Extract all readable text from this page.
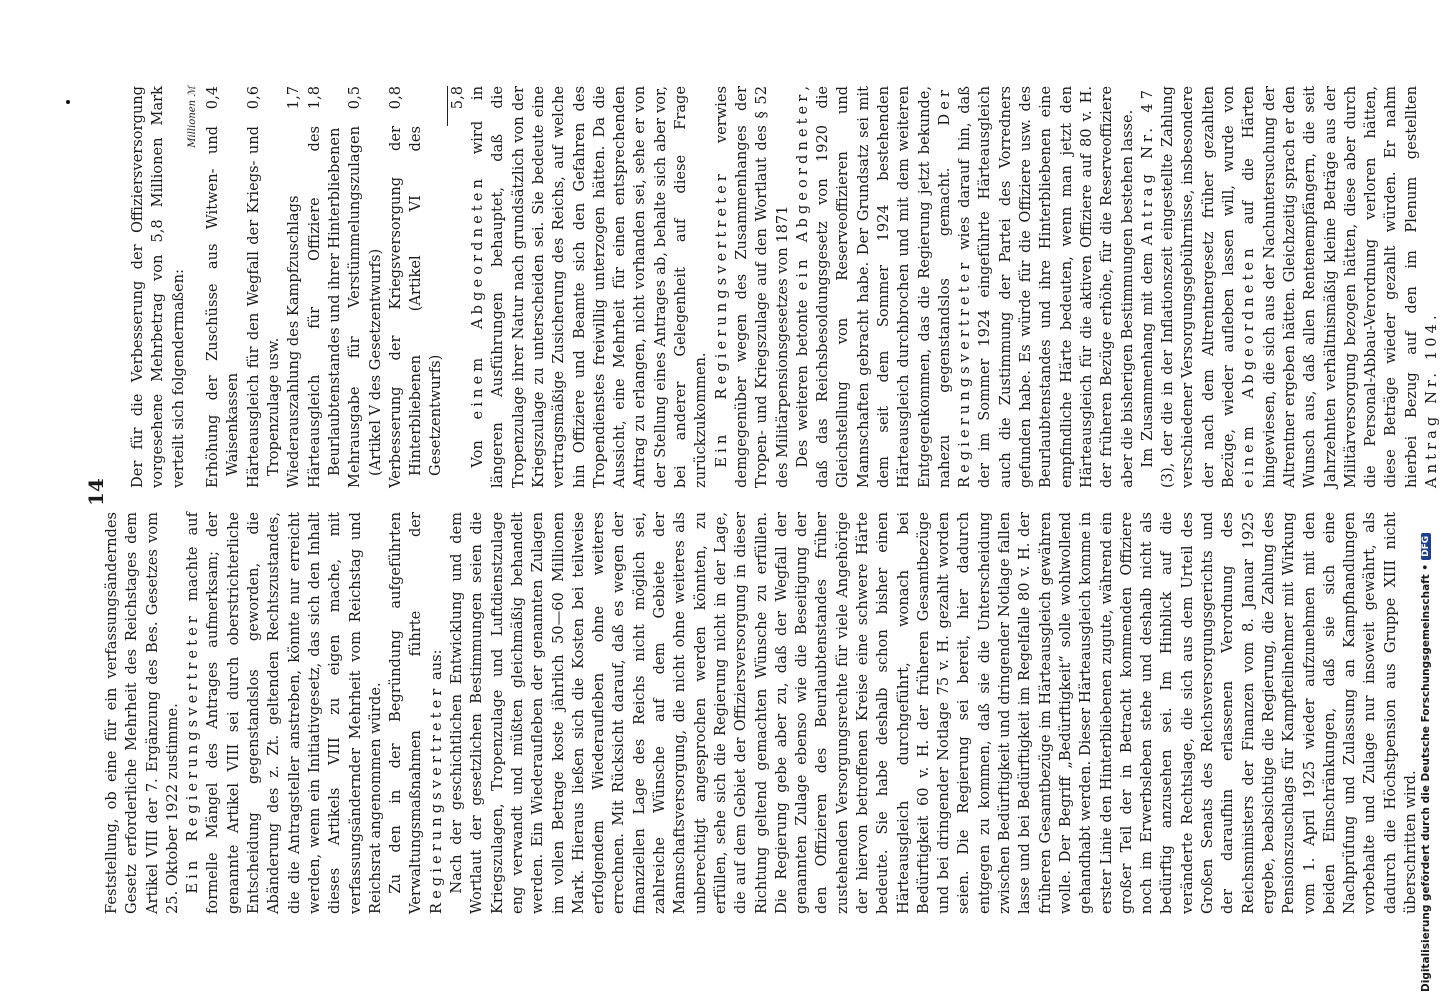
14

Feststellung, ob eine für ein verfassungsänderndes Gesetz erforderliche Mehrheit des Reichstages dem Artikel VIII der 7. Ergänzung des Bes. Gesetzes vom 25. Oktober 1922 zustimme. Ein Regierungsvertreter machte auf formelle Mängel des Antrages aufmerksam; der genannte Artikel VIII sei durch oberstrichterliche Entscheidung gegenstandslos geworden, die Abänderung des z. Zt. geltenden Rechtszustandes, die die Antragsteller anstreben, könnte nur erreicht werden, wenn ein Initiativgesetz, das sich den Inhalt dieses Artikels VIII zu eigen mache, mit verfassungsändernder Mehrheit vom Reichstag und Reichsrat angenommen würde. Zu den in der Begründung aufgeführten Verwaltungsmaßnahmen führte der Regierungsvertreter aus: Nach der geschichtlichen Entwicklung und dem Wortlaut der gesetzlichen Bestimmungen seien die Kriegszulagen, Tropenzulage und Luftdienstzulage eng verwandt und müßten gleichmäßig behandelt werden. Ein Wiederaufleben der genannten Zulagen im vollen Betrage koste jährlich 50—60 Millionen Mark. Hieraus ließen sich die Kosten bei teilweise erfolgendem Wiederaufleben ohne weiteres errechnen. Mit Rücksicht darauf, daß es wegen der finanziellen Lage des Reichs nicht möglich sei, zahlreiche Wünsche auf dem Gebiete der Mannschaftsversorgung, die nicht ohne weiteres als unberechtigt angesprochen werden könnten, zu erfüllen, sehe sich die Regierung nicht in der Lage, die auf dem Gebiet der Offiziersversorgung in dieser Richtung geltend gemachten Wünsche zu erfüllen. Die Regierung gebe aber zu, daß der Wegfall der genannten Zulage ebenso wie die Beseitigung der den Offizieren des Beurlaubtenstandes früher zustehenden Versorgungsrechte für viele Angehörige der hiervon betroffenen Kreise eine schwere Härte bedeute. Sie habe deshalb schon bisher einen Härteausgleich durchgeführt, wonach bei Bedürftigkeit 60 v. H. der früheren Gesamtbezüge und bei dringender Notlage 75 v. H. gezahlt worden seien. Die Regierung sei bereit, hier dadurch entgegen zu kommen, daß sie die Unterscheidung zwischen Bedürftigkeit und dringender Notlage fallen lasse und bei Bedürftigkeit im Regelfalle 80 v. H. der früheren Gesamtbezüge im Härteausgleich gewähren wolle. Der Begriff „Bedürftigkeit“ solle wohlwollend gehandhabt werden. Dieser Härteausgleich komme in erster Linie den Hinterbliebenen zugute, während ein großer Teil der in Betracht kommenden Offiziere noch im Erwerbsleben stehe und deshalb nicht als bedürftig anzusehen sei. Im Hinblick auf die veränderte Rechtslage, die sich aus dem Urteil des Großen Senats des Reichsversorgungsgerichts und der daraufhin erlassenen Verordnung des Reichsministers der Finanzen vom 8. Januar 1925 ergebe, beabsichtige die Regierung, die Zahlung des Pensionszuschlags für Kampfteilnehmer mit Wirkung vom 1. April 1925 wieder aufzunehmen mit den beiden Einschränkungen, daß sie sich eine Nachprüfung und Zulassung an Kampfhandlungen vorbehalte und Zulage nur insoweit gewährt, als dadurch die Höchstpension aus Gruppe XIII nicht überschritten wird.

Der für die Verbesserung der Offiziersversorgung vorgesehene Mehrbetrag von 5,8 Millionen Mark verteilt sich folgendermaßen:

Millionen ℳ
Erhöhung der Zuschüsse aus Witwen- und Waisenkassen
0,4
Härteausgleich für den Wegfall der Kriegs- und Tropenzulage usw.
0,6
Wiederauszahlung des Kampfzuschlags
1,7
Härteausgleich für Offiziere des Beurlaubtenstandes und ihrer Hinterbliebenen
1,8
Mehrausgabe für Verstümmelungszulagen (Artikel V des Gesetzentwurfs)
0,5
Verbesserung der Kriegsversorgung der Hinterbliebenen (Artikel VI des Gesetzentwurfs)
0,8	5,8

Von einem Abgeordneten wird in längeren Ausführungen behauptet, daß die Tropenzulage ihrer Natur nach grundsätzlich von der Kriegszulage zu unterscheiden sei. Sie bedeute eine vertragsmäßige Zusicherung des Reichs, auf welche hin Offiziere und Beamte sich den Gefahren des Tropendienstes freiwillig unterzogen hätten. Da die Aussicht, eine Mehrheit für einen entsprechenden Antrag zu erlangen, nicht vorhanden sei, sehe er von der Stellung eines Antrages ab, behalte sich aber vor, bei anderer Gelegenheit auf diese Frage zurückzukommen. Ein Regierungsvertreter verwies demgegenüber wegen des Zusammenhanges der Tropen- und Kriegszulage auf den Wortlaut des § 52 des Militärpensionsgesetzes von 1871 Des weiteren betonte ein Abgeordneter, daß das Reichsbesoldungsgesetz von 1920 die Gleichstellung von Reserveoffizieren und Mannschaften gebracht habe. Der Grundsatz sei mit dem seit dem Sommer 1924 bestehenden Härteausgleich durchbrochen und mit dem weiteren Entgegenkommen, das die Regierung jetzt bekunde, nahezu gegenstandslos gemacht. Der Regierungsvertreter wies darauf hin, daß der im Sommer 1924 eingeführte Härteausgleich auch die Zustimmung der Partei des Vorredners gefunden habe. Es würde für die Offiziere usw. des Beurlaubtenstandes und ihre Hinterbliebenen eine empfindliche Härte bedeuten, wenn man jetzt den Härteausgleich für die aktiven Offiziere auf 80 v. H. der früheren Bezüge erhöhe, für die Reserveoffiziere aber die bisherigen Bestimmungen bestehen lasse. Im Zusammenhang mit dem Antrag Nr. 47 (3), der die in der Inflationszeit eingestellte Zahlung verschiedener Versorgungsgebührnisse, insbesondere der nach dem Altrentnergesetz früher gezahlten Bezüge, wieder aufleben lassen will, wurde von einem Abgeordneten auf die Härten hingewiesen, die sich aus der Nachuntersuchung der Altrentner ergeben hätten. Gleichzeitig sprach er den Wunsch aus, daß allen Rentenempfängern, die seit Jahrzehnten verhältnismäßig kleine Beträge aus der Militärversorgung bezogen hätten, diese aber durch die Personal-Abbau-Verordnung verloren hätten, diese Beträge wieder gezahlt würden. Er nahm hierbei Bezug auf den im Plenum gestellten Antrag Nr. 104.

Digitalisierung gefördert durch die Deutsche Forschungsgemeinschaft •
DFG
